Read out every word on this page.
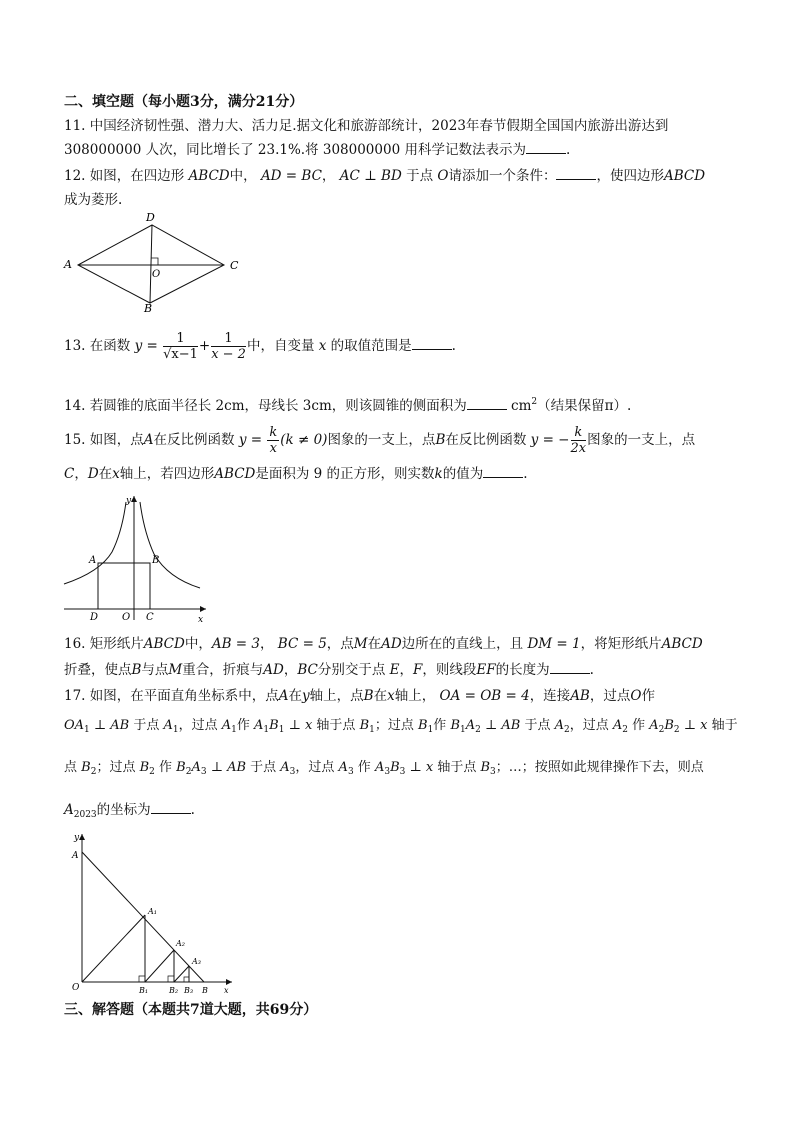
二、填空题（每小题3分，满分21分）
11. 中国经济韧性强、潜力大、活力足.据文化和旅游部统计，2023年春节假期全国国内旅游出游达到
308000000 人次，同比增长了 23.1%.将 308000000 用科学记数法表示为	.
12. 如图，在四边形 ABCD中， AD = BC， AC ⊥ BD 于点 O请添加一个条件：	，使四边形ABCD
成为菱形.
A
D
C
B
O
13. 在函数 $y = \frac{1}{√x-1} + \frac{1}{x - 2}$ 中，自变量 x 的取值范围是	.
14. 若圆锥的底面半径长 2cm，母线长 3cm，则该圆锥的侧面积为	$cm^2$（结果保留π）.
15. 如图，点A在反比例函数 $y = \frac{k}{x} (k \ne 0)$图象的一支上，点B在反比例函数 y = − $\frac{k}{2x}$ 图象的一支上，点
C，D在x轴上，若四边形ABCD是面积为 9 的正方形，则实数k的值为	.
A	B
D O C	x
y
16. 矩形纸片ABCD中，AB = 3， BC = 5，点M在AD边所在的直线上，且 DM = 1，将矩形纸片ABCD
折叠，使点B与点M重合，折痕与AD，BC分别交于点 E，F，则线段EF的长度为	.
17. 如图，在平面直角坐标系中，点A在y轴上，点B在x轴上， OA = OB = 4，连接AB，过点O作
$OA_1$ ⊥ AB 于点 $A_1$，过点 $A_1$作 $A_1B_1$ ⊥ x 轴于点 $B_1$；过点 $B_1$作 $B_1A_2$ ⊥ AB 于点 $A_2$，过点 $A_2$ 作 $A_2B_2$ ⊥ x 轴于
点 $B_2$；过点 $B_2$ 作 $B_2A_3$ ⊥ AB 于点 $A_3$，过点 $A_3$ 作 $A_3B_3$ ⊥ x 轴于点 $B_3$；…；按照如此规律操作下去，则点
$A_{2023}$的坐标为	.
A
y
O
A₁
A₂
A₃
B₁	B₂ B₃ B x
三、解答题（本题共7道大题，共69分）
